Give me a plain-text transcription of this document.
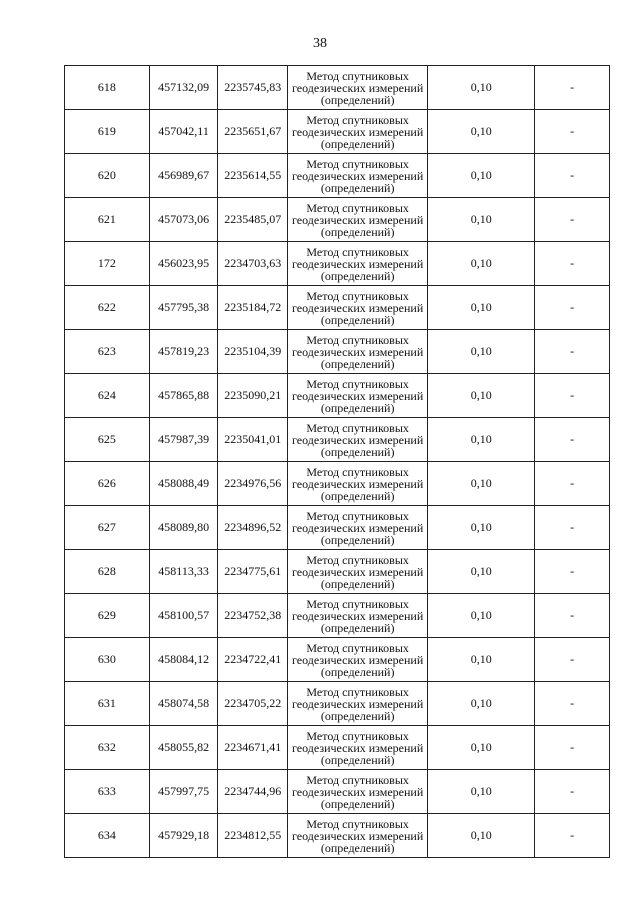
38
618	457132,09	2235745,83	Метод спутниковых
геодезических измерений
(определений)	0,10	-
619	457042,11	2235651,67	Метод спутниковых
геодезических измерений
(определений)	0,10	-
620	456989,67	2235614,55	Метод спутниковых
геодезических измерений
(определений)	0,10	-
621	457073,06	2235485,07	Метод спутниковых
геодезических измерений
(определений)	0,10	-
172	456023,95	2234703,63	Метод спутниковых
геодезических измерений
(определений)	0,10	-
622	457795,38	2235184,72	Метод спутниковых
геодезических измерений
(определений)	0,10	-
623	457819,23	2235104,39	Метод спутниковых
геодезических измерений
(определений)	0,10	-
624	457865,88	2235090,21	Метод спутниковых
геодезических измерений
(определений)	0,10	-
625	457987,39	2235041,01	Метод спутниковых
геодезических измерений
(определений)	0,10	-
626	458088,49	2234976,56	Метод спутниковых
геодезических измерений
(определений)	0,10	-
627	458089,80	2234896,52	Метод спутниковых
геодезических измерений
(определений)	0,10	-
628	458113,33	2234775,61	Метод спутниковых
геодезических измерений
(определений)	0,10	-
629	458100,57	2234752,38	Метод спутниковых
геодезических измерений
(определений)	0,10	-
630	458084,12	2234722,41	Метод спутниковых
геодезических измерений
(определений)	0,10	-
631	458074,58	2234705,22	Метод спутниковых
геодезических измерений
(определений)	0,10	-
632	458055,82	2234671,41	Метод спутниковых
геодезических измерений
(определений)	0,10	-
633	457997,75	2234744,96	Метод спутниковых
геодезических измерений
(определений)	0,10	-
634	457929,18	2234812,55	Метод спутниковых
геодезических измерений
(определений)	0,10	-
